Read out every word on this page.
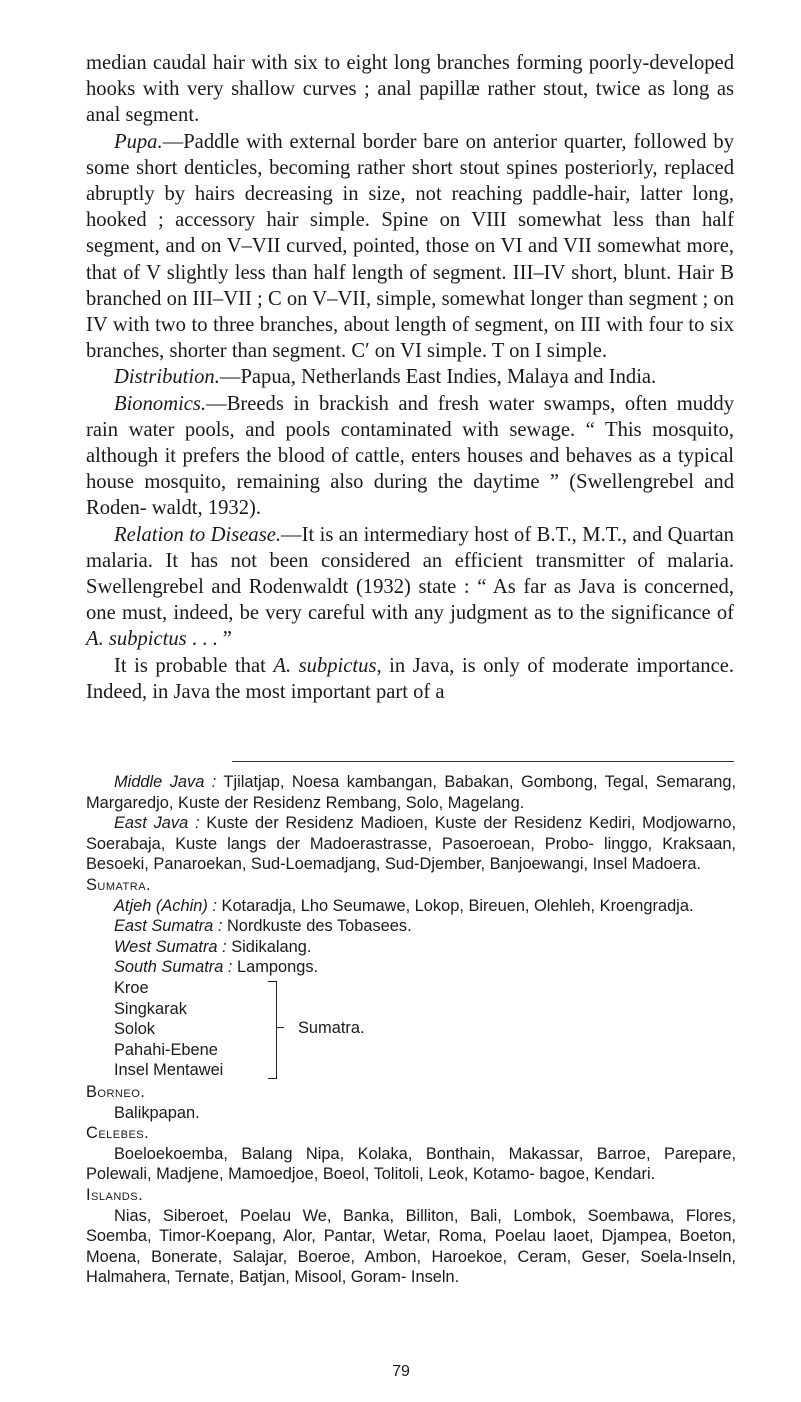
median caudal hair with six to eight long branches forming poorly-developed hooks with very shallow curves ; anal papillæ rather stout, twice as long as anal segment.

Pupa.—Paddle with external border bare on anterior quarter, followed by some short denticles, becoming rather short stout spines posteriorly, replaced abruptly by hairs decreasing in size, not reaching paddle-hair, latter long, hooked ; accessory hair simple. Spine on VIII somewhat less than half segment, and on V–VII curved, pointed, those on VI and VII somewhat more, that of V slightly less than half length of segment. III–IV short, blunt. Hair B branched on III–VII ; C on V–VII, simple, somewhat longer than segment ; on IV with two to three branches, about length of segment, on III with four to six branches, shorter than segment. C′ on VI simple. T on I simple.

Distribution.—Papua, Netherlands East Indies, Malaya and India.

Bionomics.—Breeds in brackish and fresh water swamps, often muddy rain water pools, and pools contaminated with sewage. “ This mosquito, although it prefers the blood of cattle, enters houses and behaves as a typical house mosquito, remaining also during the daytime ” (Swellengrebel and Roden- waldt, 1932).

Relation to Disease.—It is an intermediary host of B.T., M.T., and Quartan malaria. It has not been considered an efficient transmitter of malaria. Swellengrebel and Rodenwaldt (1932) state : “ As far as Java is concerned, one must, indeed, be very careful with any judgment as to the significance of A. subpictus . . . ”

It is probable that A. subpictus, in Java, is only of moderate importance. Indeed, in Java the most important part of a

Middle Java : Tjilatjap, Noesa kambangan, Babakan, Gombong, Tegal, Semarang, Margaredjo, Kuste der Residenz Rembang, Solo, Magelang.

East Java : Kuste der Residenz Madioen, Kuste der Residenz Kediri, Modjowarno, Soerabaja, Kuste langs der Madoerastrasse, Pasoeroean, Probo- linggo, Kraksaan, Besoeki, Panaroekan, Sud-Loemadjang, Sud-Djember, Banjoewangi, Insel Madoera.

Sumatra.

Atjeh (Achin) : Kotaradja, Lho Seumawe, Lokop, Bireuen, Olehleh, Kroengradja.

East Sumatra : Nordkuste des Tobasees.

West Sumatra : Sidikalang.

South Sumatra : Lampongs.

Kroe
Singkarak
Solok
Pahahi-Ebene
Insel Mentawei
Sumatra.

Borneo.

Balikpapan.

Celebes.

Boeloekoemba, Balang Nipa, Kolaka, Bonthain, Makassar, Barroe, Parepare, Polewali, Madjene, Mamoedjoe, Boeol, Tolitoli, Leok, Kotamo- bagoe, Kendari.

Islands.

Nias, Siberoet, Poelau We, Banka, Billiton, Bali, Lombok, Soembawa, Flores, Soemba, Timor-Koepang, Alor, Pantar, Wetar, Roma, Poelau laoet, Djampea, Boeton, Moena, Bonerate, Salajar, Boeroe, Ambon, Haroekoe, Ceram, Geser, Soela-Inseln, Halmahera, Ternate, Batjan, Misool, Goram- Inseln.

79
